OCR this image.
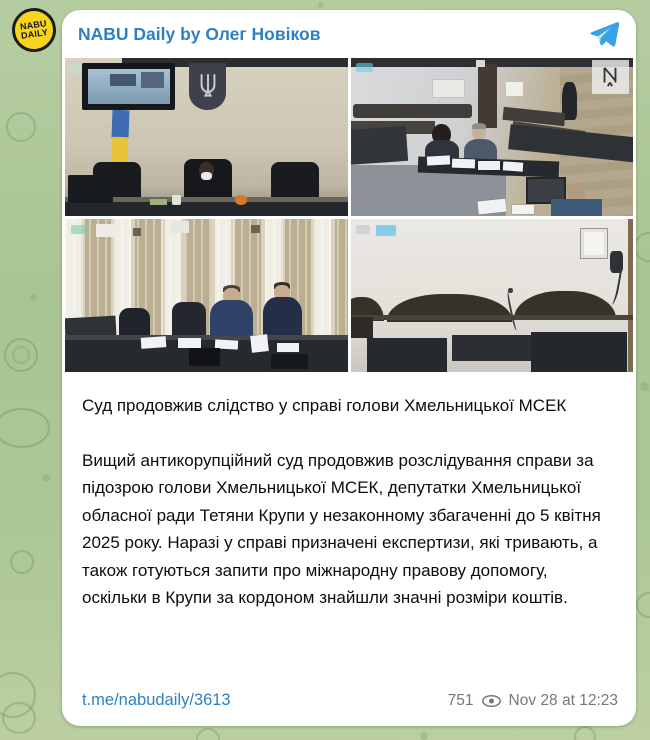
NABU
DAILY NABU Daily by Олег Новіков

Суд продовжив слідство у справі голови Хмельницької МСЕК

Вищий антикорупційний суд продовжив розслідування справи за підозрою голови Хмельницької МСЕК, депутатки Хмельницької обласної ради Тетяни Крупи у незаконному збагаченні до 5 квітня 2025 року. Наразі у справі призначені експертизи, які тривають, а також готуються запити про міжнародну правову допомогу, оскільки в Крупи за кордоном знайшли значні розміри коштів.

t.me/nabudaily/3613	751 Nov 28 at 12:23
